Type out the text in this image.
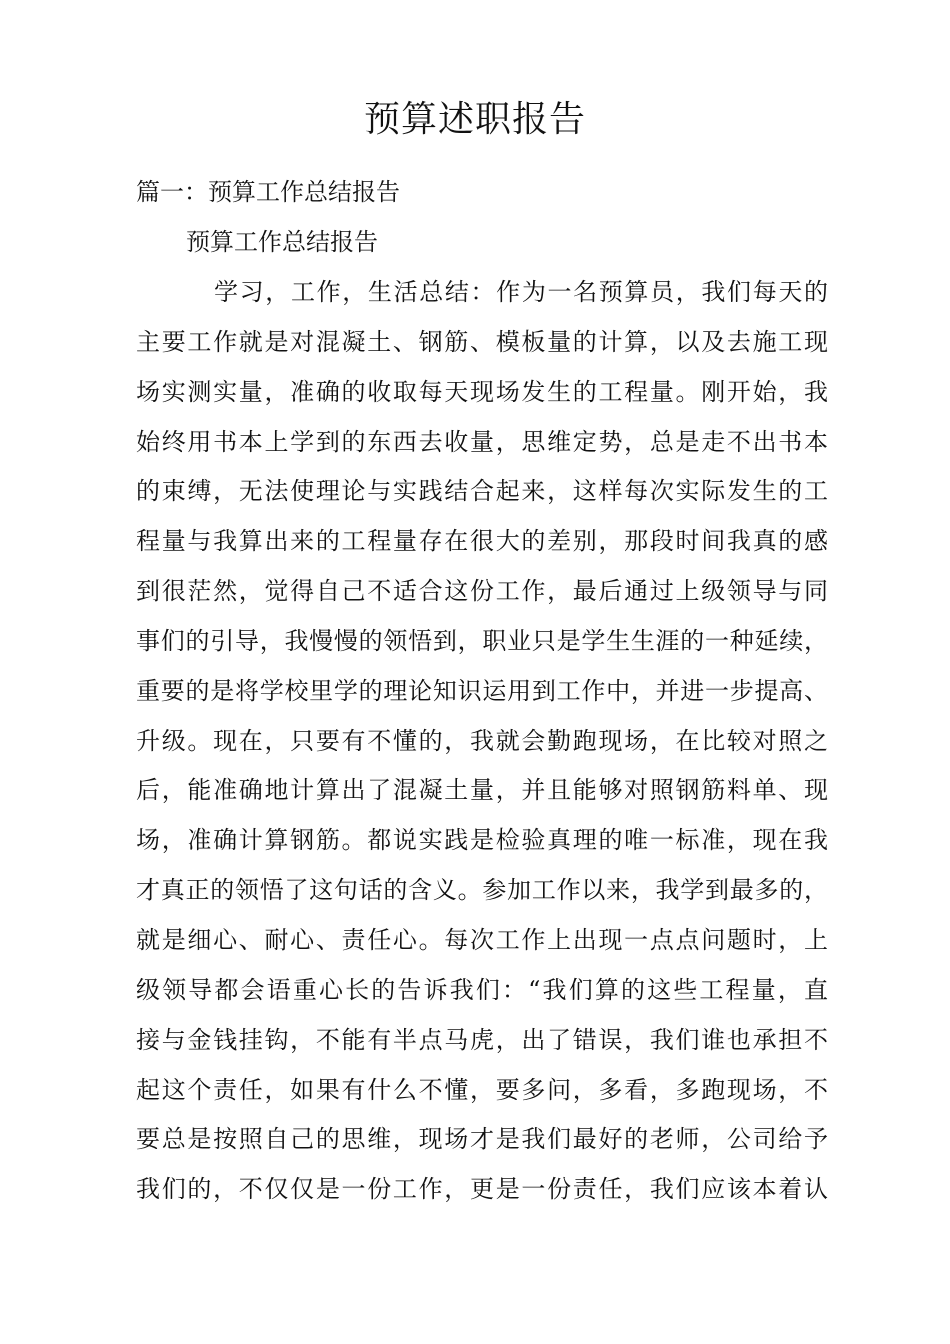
预算述职报告
篇一：预算工作总结报告
预算工作总结报告
学习，工作，生活总结：作为一名预算员，我们每天的
主要工作就是对混凝土、钢筋、模板量的计算，以及去施工现
场实测实量，准确的收取每天现场发生的工程量。刚开始，我
始终用书本上学到的东西去收量，思维定势，总是走不出书本
的束缚，无法使理论与实践结合起来，这样每次实际发生的工
程量与我算出来的工程量存在很大的差别，那段时间我真的感
到很茫然，觉得自己不适合这份工作，最后通过上级领导与同
事们的引导，我慢慢的领悟到，职业只是学生生涯的一种延续，
重要的是将学校里学的理论知识运用到工作中，并进一步提高、
升级。现在，只要有不懂的，我就会勤跑现场，在比较对照之
后，能准确地计算出了混凝土量，并且能够对照钢筋料单、现
场，准确计算钢筋。都说实践是检验真理的唯一标准，现在我
才真正的领悟了这句话的含义。参加工作以来，我学到最多的，
就是细心、耐心、责任心。每次工作上出现一点点问题时，上
级领导都会语重心长的告诉我们：“我们算的这些工程量，直
接与金钱挂钩，不能有半点马虎，出了错误，我们谁也承担不
起这个责任，如果有什么不懂，要多问，多看，多跑现场，不
要总是按照自己的思维，现场才是我们最好的老师，公司给予
我们的，不仅仅是一份工作，更是一份责任，我们应该本着认
